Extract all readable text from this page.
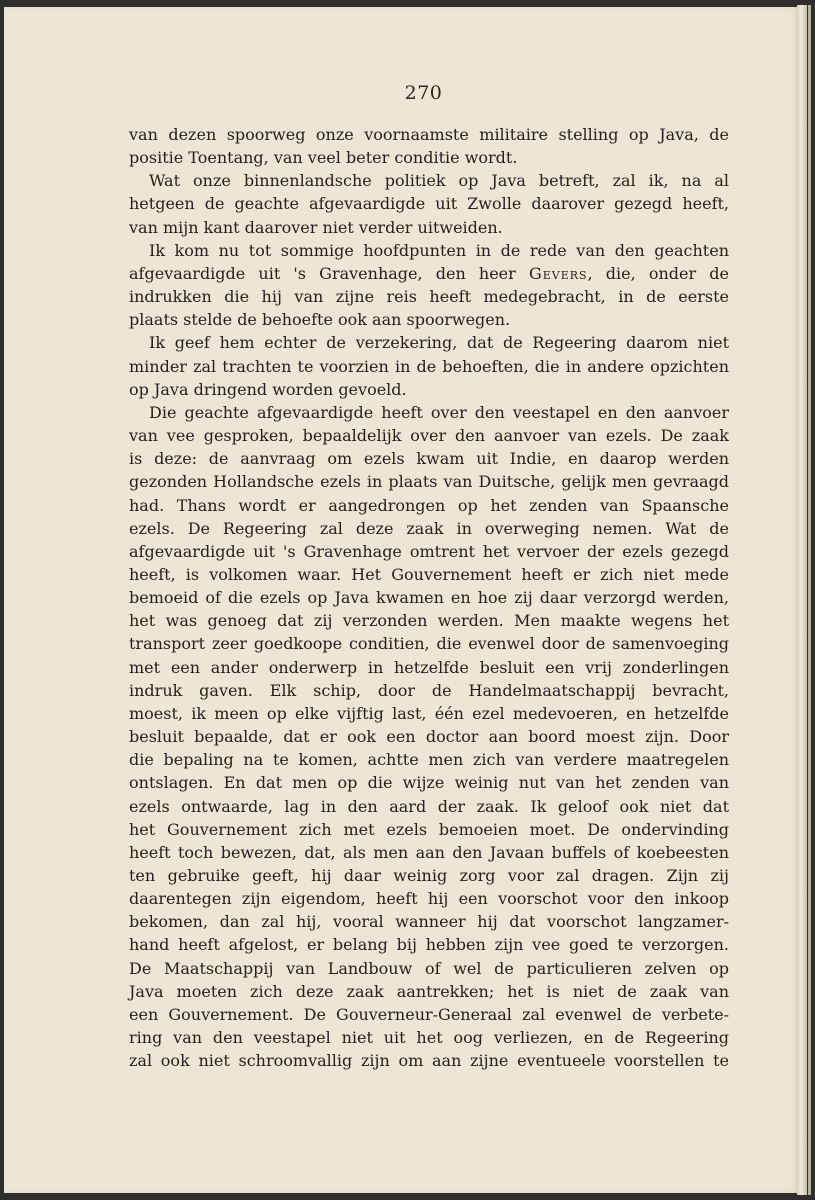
270
van dezen spoorweg onze voornaamste militaire stelling op Java, de
positie Toentang, van veel beter conditie wordt.
Wat onze binnenlandsche politiek op Java betreft, zal ik, na al
hetgeen de geachte afgevaardigde uit Zwolle daarover gezegd heeft,
van mijn kant daarover niet verder uitweiden.
Ik kom nu tot sommige hoofdpunten in de rede van den geachten
afgevaardigde uit 's Gravenhage, den heer Gevers, die, onder de
indrukken die hij van zijne reis heeft medegebracht, in de eerste
plaats stelde de behoefte ook aan spoorwegen.
Ik geef hem echter de verzekering, dat de Regeering daarom niet
minder zal trachten te voorzien in de behoeften, die in andere opzichten
op Java dringend worden gevoeld.
Die geachte afgevaardigde heeft over den veestapel en den aanvoer
van vee gesproken, bepaaldelijk over den aanvoer van ezels. De zaak
is deze: de aanvraag om ezels kwam uit Indie, en daarop werden
gezonden Hollandsche ezels in plaats van Duitsche, gelijk men gevraagd
had. Thans wordt er aangedrongen op het zenden van Spaansche
ezels. De Regeering zal deze zaak in overweging nemen. Wat de
afgevaardigde uit 's Gravenhage omtrent het vervoer der ezels gezegd
heeft, is volkomen waar. Het Gouvernement heeft er zich niet mede
bemoeid of die ezels op Java kwamen en hoe zij daar verzorgd werden,
het was genoeg dat zij verzonden werden. Men maakte wegens het
transport zeer goedkoope conditien, die evenwel door de samenvoeging
met een ander onderwerp in hetzelfde besluit een vrij zonderlingen
indruk gaven. Elk schip, door de Handelmaatschappij bevracht,
moest, ik meen op elke vijftig last, één ezel medevoeren, en hetzelfde
besluit bepaalde, dat er ook een doctor aan boord moest zijn. Door
die bepaling na te komen, achtte men zich van verdere maatregelen
ontslagen. En dat men op die wijze weinig nut van het zenden van
ezels ontwaarde, lag in den aard der zaak. Ik geloof ook niet dat
het Gouvernement zich met ezels bemoeien moet. De ondervinding
heeft toch bewezen, dat, als men aan den Javaan buffels of koebeesten
ten gebruike geeft, hij daar weinig zorg voor zal dragen. Zijn zij
daarentegen zijn eigendom, heeft hij een voorschot voor den inkoop
bekomen, dan zal hij, vooral wanneer hij dat voorschot langzamer-
hand heeft afgelost, er belang bij hebben zijn vee goed te verzorgen.
De Maatschappij van Landbouw of wel de particulieren zelven op
Java moeten zich deze zaak aantrekken; het is niet de zaak van
een Gouvernement. De Gouverneur-Generaal zal evenwel de verbete-
ring van den veestapel niet uit het oog verliezen, en de Regeering
zal ook niet schroomvallig zijn om aan zijne eventueele voorstellen te
